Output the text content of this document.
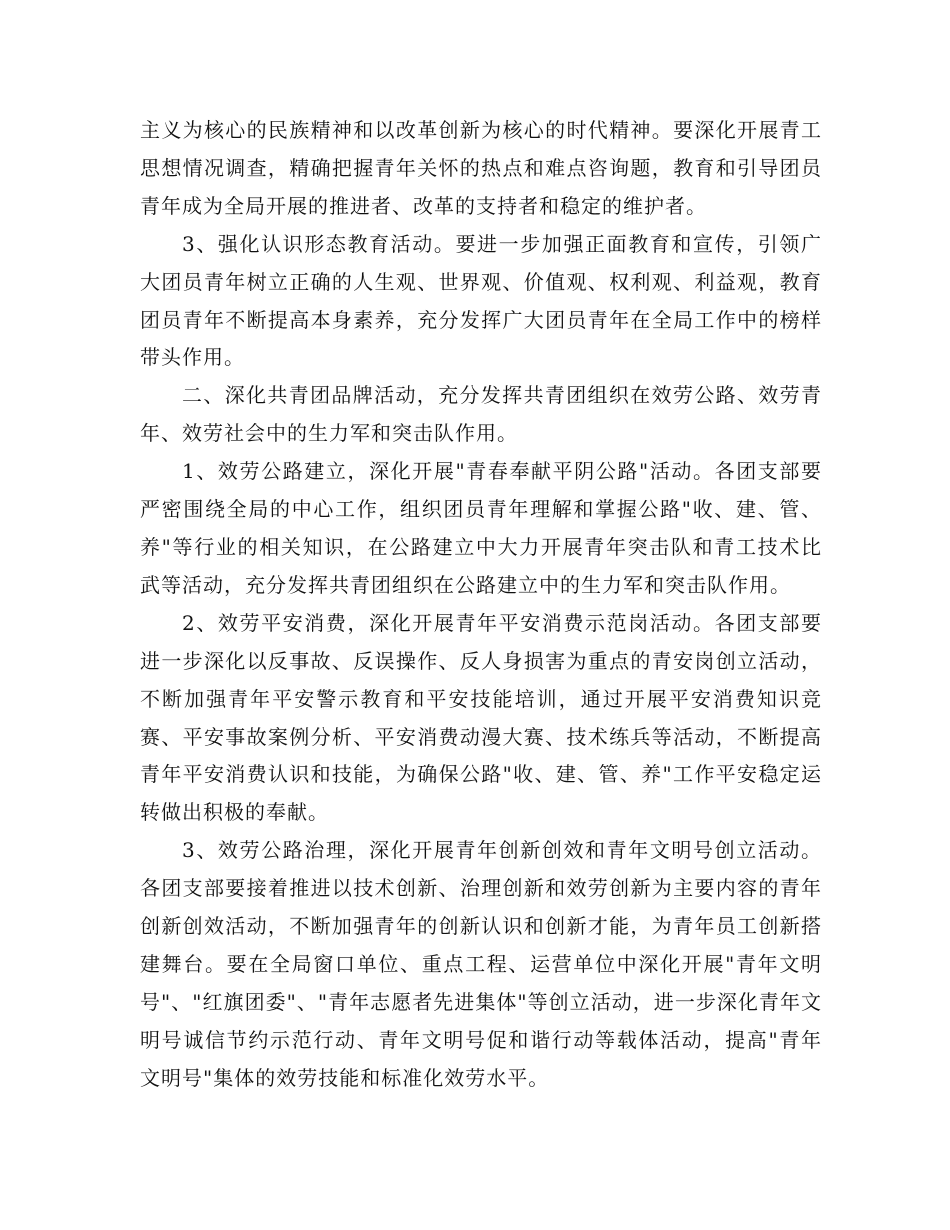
主义为核心的民族精神和以改革创新为核心的时代精神。要深化开展青工思想情况调查，精确把握青年关怀的热点和难点咨询题，教育和引导团员青年成为全局开展的推进者、改革的支持者和稳定的维护者。

3、强化认识形态教育活动。要进一步加强正面教育和宣传，引领广大团员青年树立正确的人生观、世界观、价值观、权利观、利益观，教育团员青年不断提高本身素养，充分发挥广大团员青年在全局工作中的榜样带头作用。

二、深化共青团品牌活动，充分发挥共青团组织在效劳公路、效劳青年、效劳社会中的生力军和突击队作用。

1、效劳公路建立，深化开展"青春奉献平阴公路"活动。各团支部要严密围绕全局的中心工作，组织团员青年理解和掌握公路"收、建、管、养"等行业的相关知识，在公路建立中大力开展青年突击队和青工技术比武等活动，充分发挥共青团组织在公路建立中的生力军和突击队作用。

2、效劳平安消费，深化开展青年平安消费示范岗活动。各团支部要进一步深化以反事故、反误操作、反人身损害为重点的青安岗创立活动，不断加强青年平安警示教育和平安技能培训，通过开展平安消费知识竞赛、平安事故案例分析、平安消费动漫大赛、技术练兵等活动，不断提高青年平安消费认识和技能，为确保公路"收、建、管、养"工作平安稳定运转做出积极的奉献。

3、效劳公路治理，深化开展青年创新创效和青年文明号创立活动。各团支部要接着推进以技术创新、治理创新和效劳创新为主要内容的青年创新创效活动，不断加强青年的创新认识和创新才能，为青年员工创新搭建舞台。要在全局窗口单位、重点工程、运营单位中深化开展"青年文明号"、"红旗团委"、"青年志愿者先进集体"等创立活动，进一步深化青年文明号诚信节约示范行动、青年文明号促和谐行动等载体活动，提高"青年文明号"集体的效劳技能和标准化效劳水平。
